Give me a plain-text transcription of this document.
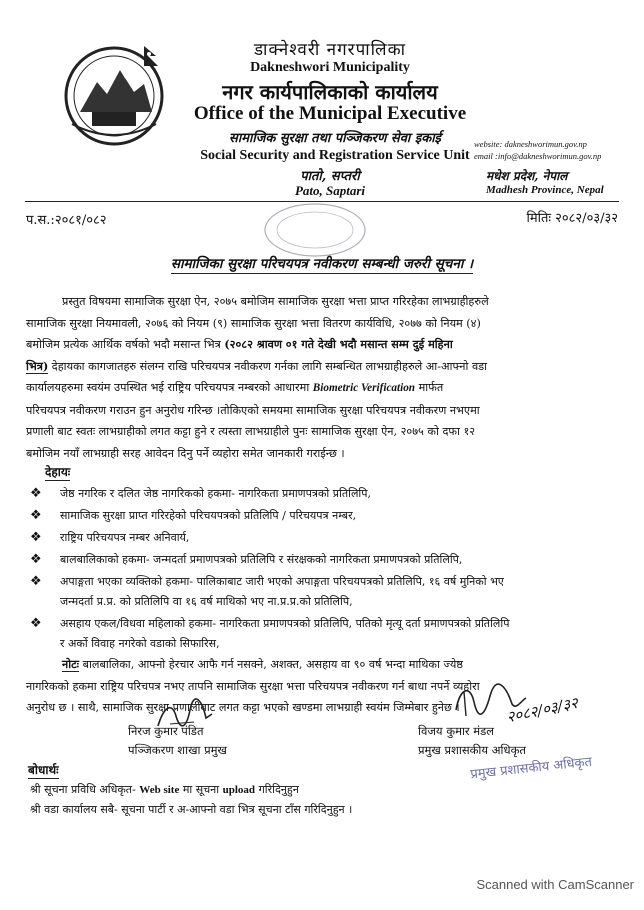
डाक्नेश्वरी नगरपालिका
Dakneshwori Municipality
नगर कार्यपालिकाको कार्यालय
Office of the Municipal Executive
सामाजिक सुरक्षा तथा पञ्जिकरण सेवा इकाई
Social Security and Registration Service Unit
पातो, सप्तरी
Pato, Saptari
website: dakneshworimun.gov.np
email :info@dakneshworimun.gov.np
मधेश प्रदेश, नेपाल
Madhesh Province, Nepal
प.स.:२०८१/०८२	मितिः २०८२/०३/३२
सामाजिका सुरक्षा परिचयपत्र नवीकरण सम्बन्धी जरुरी सूचना ।
प्रस्तुत विषयमा सामाजिक सुरक्षा ऐन, २०७५ बमोजिम सामाजिक सुरक्षा भत्ता प्राप्त गरिरहेका लाभग्राहीहरुले
सामाजिक सुरक्षा नियमावली, २०७६ को नियम (९) सामाजिक सुरक्षा भत्ता वितरण कार्यविधि, २०७७ को नियम (४)
बमोजिम प्रत्येक आर्थिक वर्षको भदौ मसान्त भित्र (२०८२ श्रावण ०१ गते देखी भदौ मसान्त सम्म दुई महिना
भित्र) देहायका कागजातहरु संलग्न राखि परिचयपत्र नवीकरण गर्नका लागि सम्बन्धित लाभग्राहीहरुले आ-आफ्नो वडा
कार्यालयहरुमा स्वयंम उपस्थित भई राष्ट्रिय परिचयपत्र नम्बरको आधारमा Biometric Verification मार्फत
परिचयपत्र नवीकरण गराउन हुन अनुरोध गरिन्छ ।तोकिएको समयमा सामाजिक सुरक्षा परिचयपत्र नवीकरण नभएमा
प्रणाली बाट स्वतः लाभग्राहीको लगत कट्टा हुने र त्यस्ता लाभग्राहीले पुनः सामाजिक सुरक्षा ऐन, २०७५ को दफा १२
बमोजिम नयाँ लाभग्राही सरह आवेदन दिनु पर्ने व्यहोरा समेत जानकारी गराईन्छ ।
देहायः
❖ जेष्ठ नगरिक र दलित जेष्ठ नागरिकको हकमा- नागरिकता प्रमाणपत्रको प्रतिलिपि,
❖ सामाजिक सुरक्षा प्राप्त गरिरहेको परिचयपत्रको प्रतिलिपि / परिचयपत्र नम्बर,
❖ राष्ट्रिय परिचयपत्र नम्बर अनिवार्य,
❖ बालबालिकाको हकमा- जन्मदर्ता प्रमाणपत्रको प्रतिलिपि र संरक्षकको नागरिकता प्रमाणपत्रको प्रतिलिपि,
❖ अपाङ्गता भएका व्यक्तिको हकमा- पालिकाबाट जारी भएको अपाङ्गता परिचयपत्रको प्रतिलिपि, १६ वर्ष मुनिको भए
जन्मदर्ता प्र.प्र. को प्रतिलिपि वा १६ वर्ष माथिको भए ना.प्र.प्र.को प्रतिलिपि,
❖ असहाय एकल/विधवा महिलाको हकमा- नागरिकता प्रमाणपत्रको प्रतिलिपि, पतिको मृत्यू दर्ता प्रमाणपत्रको प्रतिलिपि
र अर्को विवाह नगरेको वडाको सिफारिस,
नोटः बालबालिका, आफ्नो हेरचार आफै गर्न नसक्ने, अशक्त, असहाय वा ९० वर्ष भन्दा माथिका ज्येष्ठ
नागरिकको हकमा राष्ट्रिय परिचपत्र नभए तापनि सामाजिक सुरक्षा भत्ता परिचयपत्र नवीकरण गर्न बाधा नपर्ने व्यहोरा
अनुरोध छ । साथै, सामाजिक सुरक्षा प्रणालीबाट लगत कट्टा भएको खण्डमा लाभग्राही स्वयंम जिम्मेबार हुनेछ ।
निरज कुमार पंडित
पञ्जिकरण शाखा प्रमुख
२०८२/०३/३२
विजय कुमार मंडल
प्रमुख प्रशासकीय अधिकृत
प्रमुख प्रशासकीय अधिकृत
बोधार्थः
श्री सूचना प्रविधि अधिकृत- Web site मा सूचना upload गरिदिनुहुन
श्री वडा कार्यालय सबै- सूचना पार्टी र अ-आफ्नो वडा भित्र सूचना टाँस गरिदिनुहुन ।
Scanned with CamScanner
